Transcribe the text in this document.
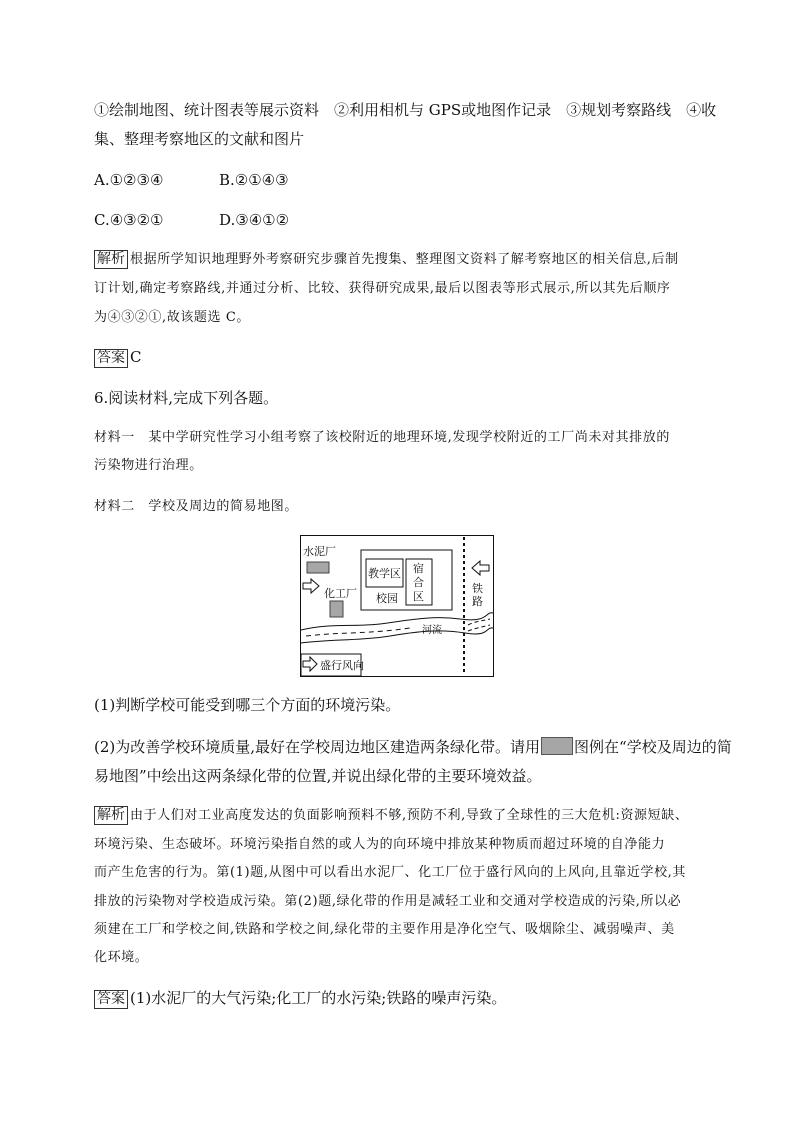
①绘制地图、统计图表等展示资料　②利用相机与 GPS或地图作记录　③规划考察路线　④收
集、整理考察地区的文献和图片
A.①②③④	B.②①④③
C.④③②①	D.③④①②
解析 根据所学知识地理野外考察研究步骤首先搜集、整理图文资料了解考察地区的相关信息,后制
订计划,确定考察路线,并通过分析、比较、获得研究成果,最后以图表等形式展示,所以其先后顺序
为④③②①,故该题选 C。
答案 C
6.阅读材料,完成下列各题。
材料一　某中学研究性学习小组考察了该校附近的地理环境,发现学校附近的工厂尚未对其排放的
污染物进行治理。
材料二　学校及周边的简易地图。
水泥厂
化工厂
教学区 宿
合
区
校园
铁
路
河流
盛行风向
(1)判断学校可能受到哪三个方面的环境污染。
(2)为改善学校环境质量,最好在学校周边地区建造两条绿化带。请用 图例在“学校及周边的简
易地图”中绘出这两条绿化带的位置,并说出绿化带的主要环境效益。
解析 由于人们对工业高度发达的负面影响预料不够,预防不利,导致了全球性的三大危机:资源短缺、
环境污染、生态破坏。环境污染指自然的或人为的向环境中排放某种物质而超过环境的自净能力
而产生危害的行为。第(1)题,从图中可以看出水泥厂、化工厂位于盛行风向的上风向,且靠近学校,其
排放的污染物对学校造成污染。第(2)题,绿化带的作用是减轻工业和交通对学校造成的污染,所以必
须建在工厂和学校之间,铁路和学校之间,绿化带的主要作用是净化空气、吸烟除尘、减弱噪声、美
化环境。
答案 (1)水泥厂的大气污染;化工厂的水污染;铁路的噪声污染。
